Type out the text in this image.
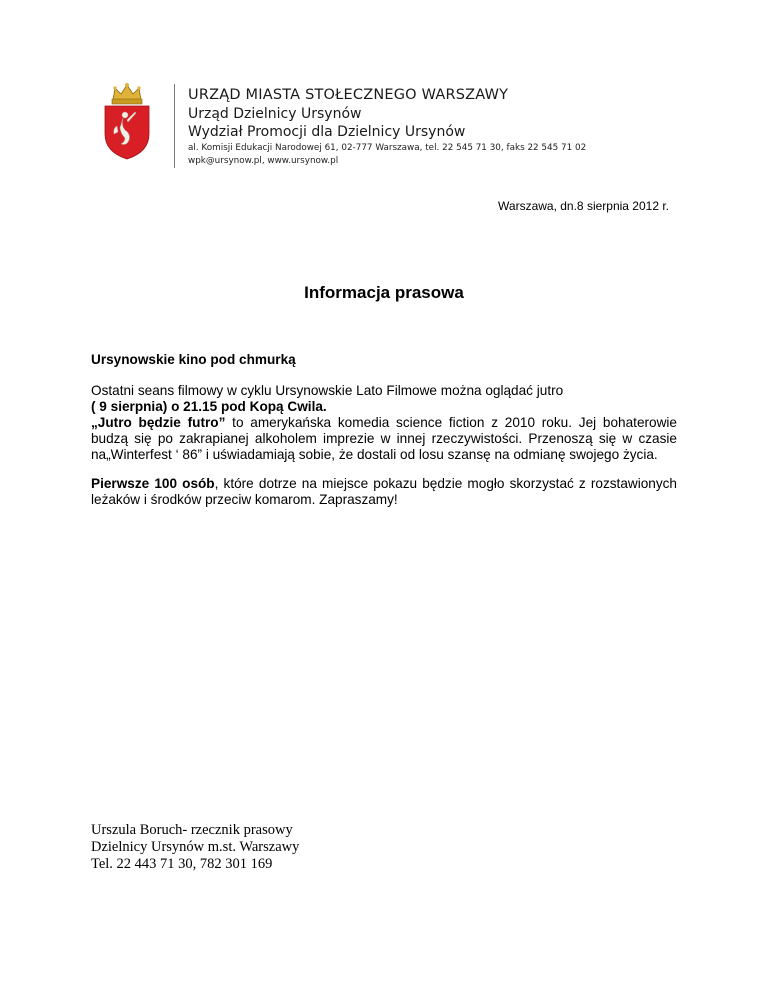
URZĄD MIASTA STOŁECZNEGO WARSZAWY
Urząd Dzielnicy Ursynów
Wydział Promocji dla Dzielnicy Ursynów
al. Komisji Edukacji Narodowej 61, 02-777 Warszawa, tel. 22 545 71 30, faks 22 545 71 02
wpk@ursynow.pl, www.ursynow.pl
Warszawa, dn.8 sierpnia 2012 r.
Informacja prasowa

Ursynowskie kino pod chmurką

Ostatni seans filmowy w cyklu Ursynowskie Lato Filmowe można oglądać jutro
( 9 sierpnia) o 21.15 pod Kopą Cwila.

„Jutro będzie futro” to amerykańska komedia science fiction z 2010 roku. Jej bohaterowie budzą się po zakrapianej alkoholem imprezie w innej rzeczywistości. Przenoszą się w czasie na„Winterfest ‘ 86” i uświadamiają sobie, że dostali od losu szansę na odmianę swojego życia.

Pierwsze 100 osób, które dotrze na miejsce pokazu będzie mogło skorzystać z rozstawionych leżaków i środków przeciw komarom. Zapraszamy!

Urszula Boruch- rzecznik prasowy
Dzielnicy Ursynów m.st. Warszawy
Tel. 22 443 71 30, 782 301 169
